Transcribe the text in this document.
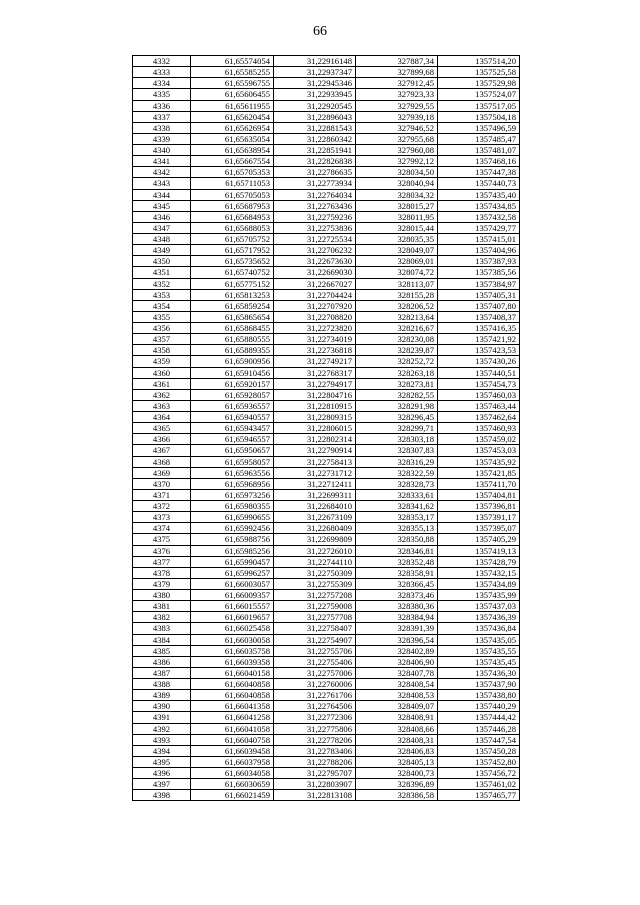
66
4332	61,65574054	31,22916148	327887,34	1357514,20
4333	61,65585255	31,22937347	327899,68	1357525,58
4334	61,65596755	31,22945346	327912,45	1357529,98
4335	61,65606455	31,22933945	327923,33	1357524,07
4336	61,65611955	31,22920545	327929,55	1357517,05
4337	61,65620454	31,22896043	327939,18	1357504,18
4338	61,65626954	31,22881543	327946,52	1357496,59
4339	61,65635054	31,22860342	327955,68	1357485,47
4340	61,65638954	31,22851941	327960,08	1357481,07
4341	61,65667554	31,22826838	327992,12	1357468,16
4342	61,65705353	31,22786635	328034,50	1357447,38
4343	61,65711053	31,22773934	328040,94	1357440,73
4344	61,65705053	31,22764034	328034,32	1357435,40
4345	61,65687953	31,22763436	328015,27	1357434,85
4346	61,65684953	31,22759236	328011,95	1357432,58
4347	61,65688053	31,22753836	328015,44	1357429,77
4348	61,65705752	31,22725534	328035,35	1357415,01
4349	61,65717952	31,22706232	328049,07	1357404,96
4350	61,65735652	31,22673630	328069,01	1357387,93
4351	61,65740752	31,22669030	328074,72	1357385,56
4352	61,65775152	31,22667027	328113,07	1357384,97
4353	61,65813253	31,22704424	328155,28	1357405,31
4354	61,65859254	31,22707920	328206,52	1357407,80
4355	61,65865654	31,22708820	328213,64	1357408,37
4356	61,65868455	31,22723820	328216,67	1357416,35
4357	61,65880555	31,22734019	328230,08	1357421,92
4358	61,65889355	31,22736818	328239,87	1357423,53
4359	61,65900956	31,22749217	328252,72	1357430,26
4360	61,65910456	31,22768317	328263,18	1357440,51
4361	61,65920157	31,22794917	328273,81	1357454,73
4362	61,65928057	31,22804716	328282,55	1357460,03
4363	61,65936557	31,22810915	328291,98	1357463,44
4364	61,65940557	31,22809315	328296,45	1357462,64
4365	61,65943457	31,22806015	328299,71	1357460,93
4366	61,65946557	31,22802314	328303,18	1357459,02
4367	61,65950657	31,22790914	328307,83	1357453,03
4368	61,65958057	31,22758413	328316,29	1357435,92
4369	61,65963556	31,22731712	328322,59	1357421,85
4370	61,65968956	31,22712411	328328,73	1357411,70
4371	61,65973256	31,22699311	328333,61	1357404,81
4372	61,65980355	31,22684010	328341,62	1357396,81
4373	61,65990655	31,22673109	328353,17	1357391,17
4374	61,65992456	31,22680409	328355,13	1357395,07
4375	61,65988756	31,22699809	328350,88	1357405,29
4376	61,65985256	31,22726010	328346,81	1357419,13
4377	61,65990457	31,22744110	328352,48	1357428,79
4378	61,65996257	31,22750309	328358,91	1357432,15
4379	61,66003057	31,22755309	328366,45	1357434,89
4380	61,66009357	31,22757208	328373,46	1357435,99
4381	61,66015557	31,22759008	328380,36	1357437,03
4382	61,66019657	31,22757708	328384,94	1357436,39
4383	61,66025458	31,22758407	328391,39	1357436,84
4384	61,66030058	31,22754907	328396,54	1357435,05
4385	61,66035758	31,22755706	328402,89	1357435,55
4386	61,66039358	31,22755406	328406,90	1357435,45
4387	61,66040158	31,22757006	328407,78	1357436,30
4388	61,66040858	31,22760006	328408,54	1357437,90
4389	61,66040858	31,22761706	328408,53	1357438,80
4390	61,66041358	31,22764506	328409,07	1357440,29
4391	61,66041258	31,22772306	328408,91	1357444,42
4392	61,66041058	31,22775806	328408,66	1357446,28
4393	61,66040758	31,22778206	328408,31	1357447,54
4394	61,66039458	31,22783406	328406,83	1357450,28
4395	61,66037958	31,22788206	328405,13	1357452,80
4396	61,66034058	31,22795707	328400,73	1357456,72
4397	61,66030659	31,22803907	328396,89	1357461,02
4398	61,66021459	31,22813108	328386,58	1357465,77
